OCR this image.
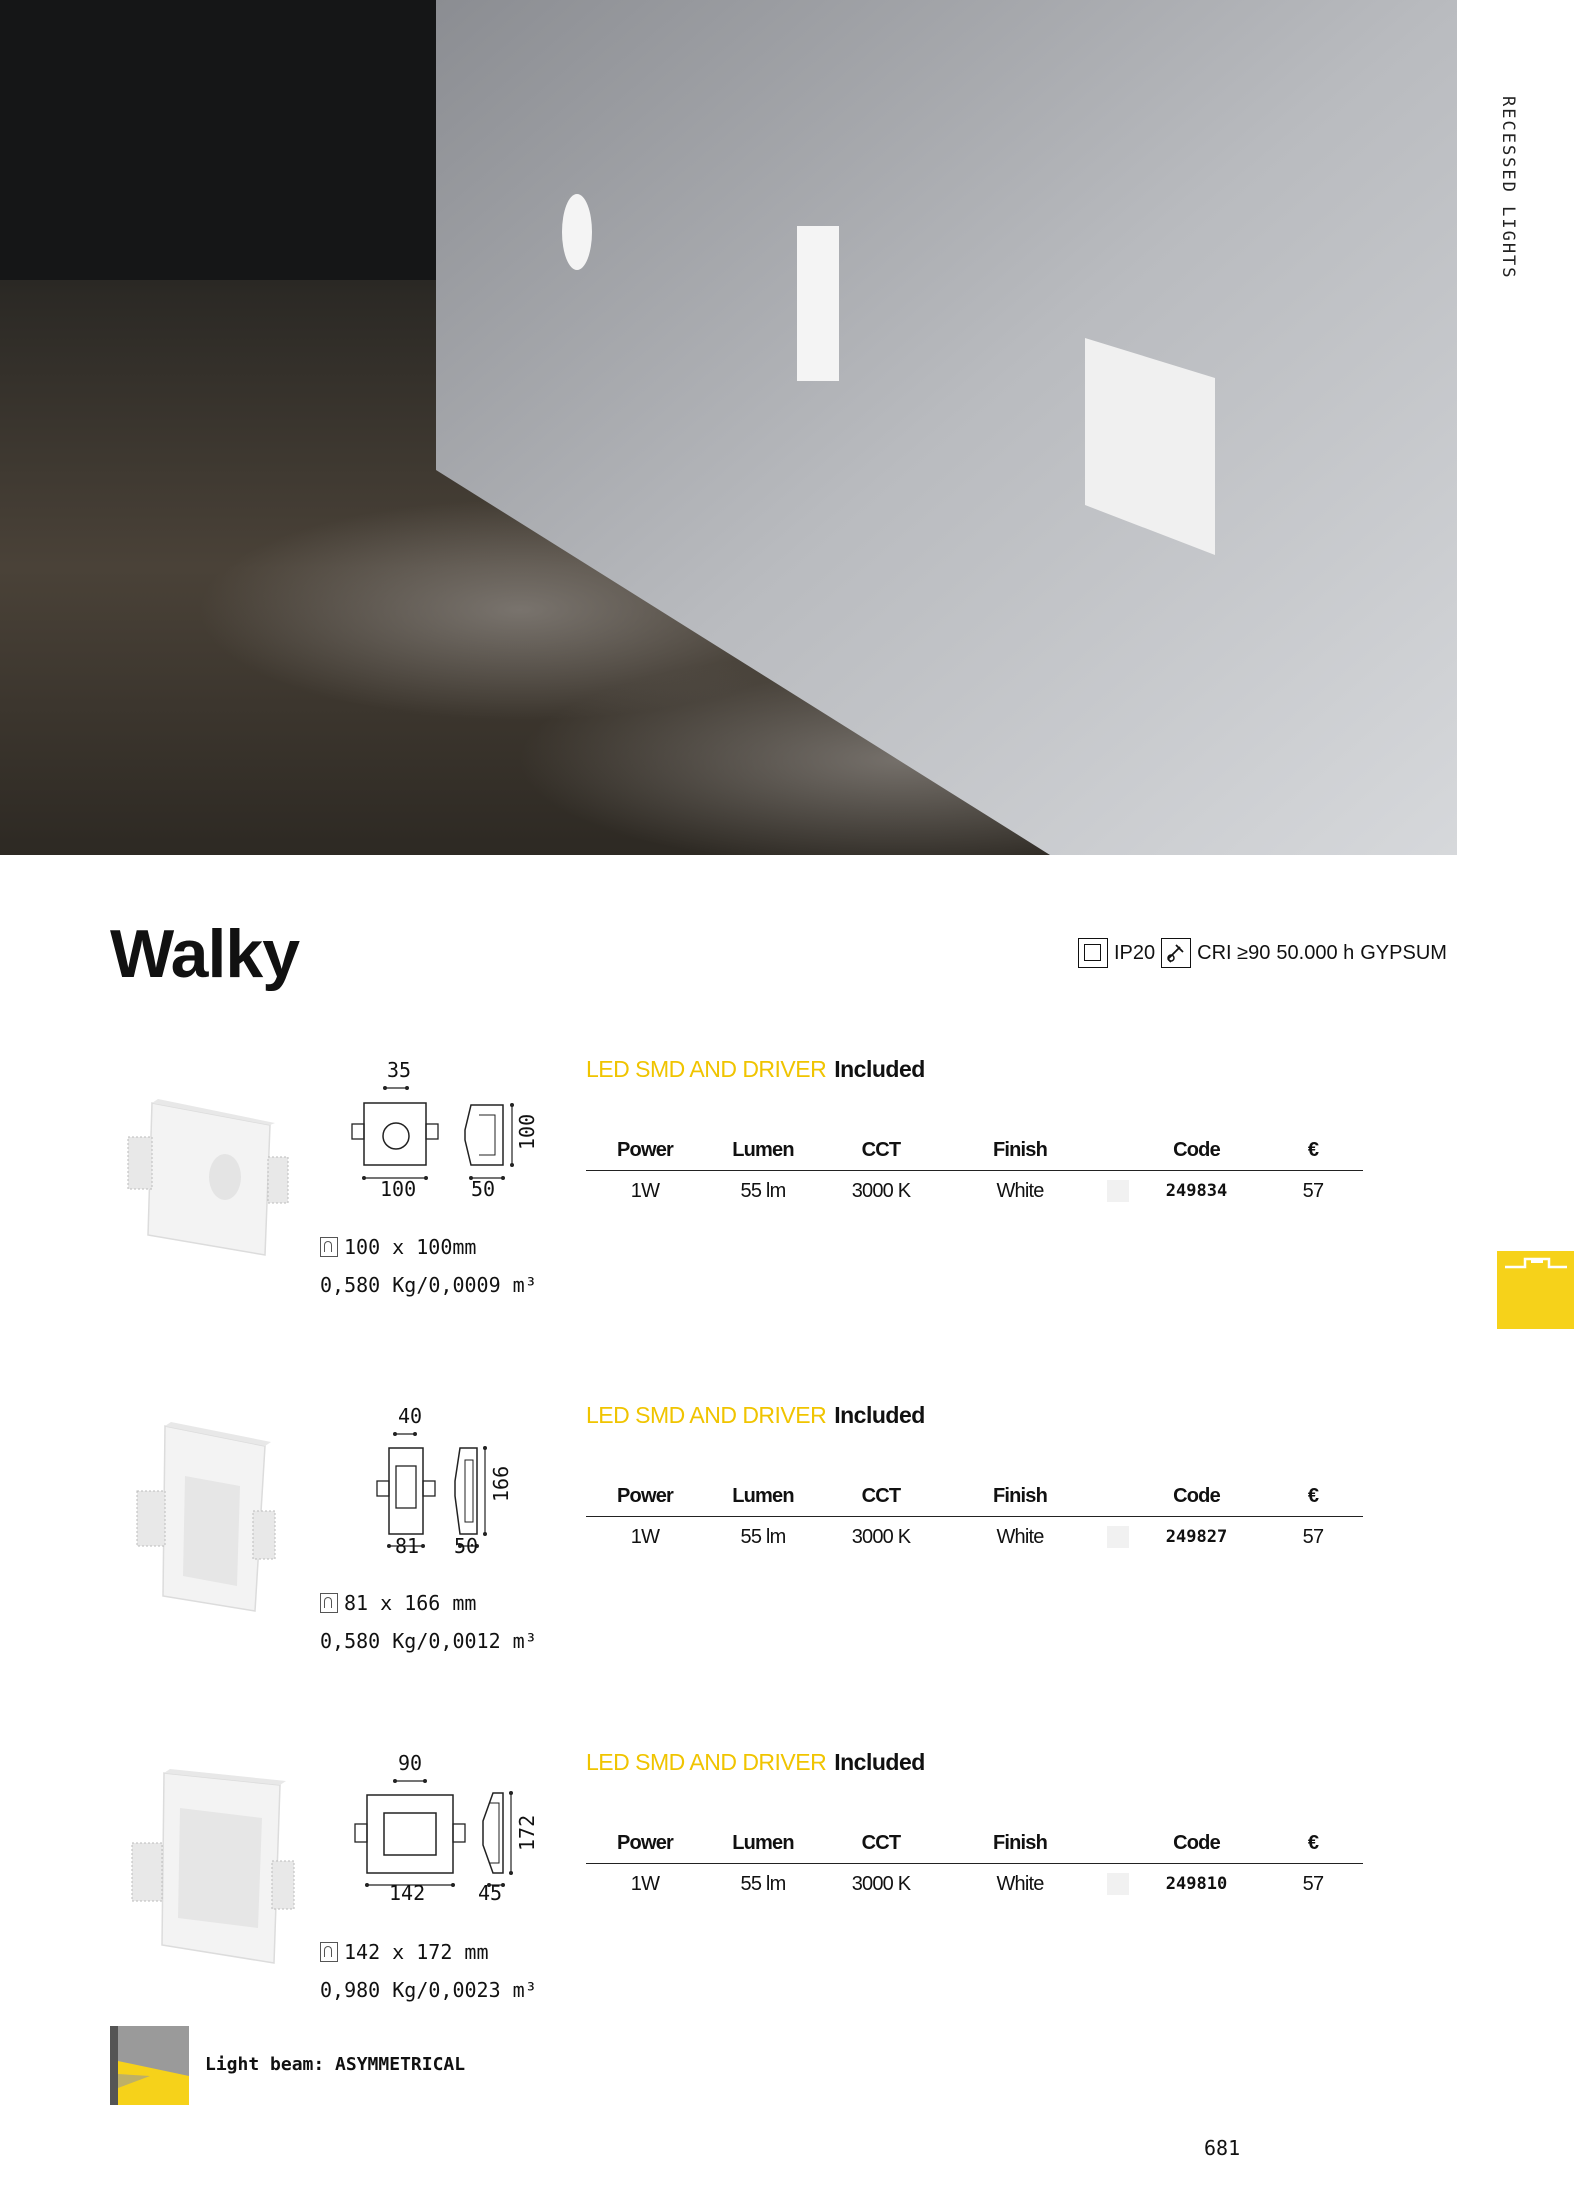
RECESSED LIGHTS
Walky	IP20 CRI ≥90 50.000 h GYPSUM
35
100	50
100
100 x 100mm
0,580 Kg/0,0009 m³
LED SMD AND DRIVER Included
Power	Lumen	CCT	Finish		Code		€
1W	55 lm	3000 K	White		249834		57
40
81 50
166
81 x 166 mm
0,580 Kg/0,0012 m³
LED SMD AND DRIVER Included
Power	Lumen	CCT	Finish		Code		€
1W	55 lm	3000 K	White		249827		57
90
142	45
172
142 x 172 mm
0,980 Kg/0,0023 m³
LED SMD AND DRIVER Included
Power	Lumen	CCT	Finish		Code		€
1W	55 lm	3000 K	White		249810		57
Light beam: ASYMMETRICAL
681
